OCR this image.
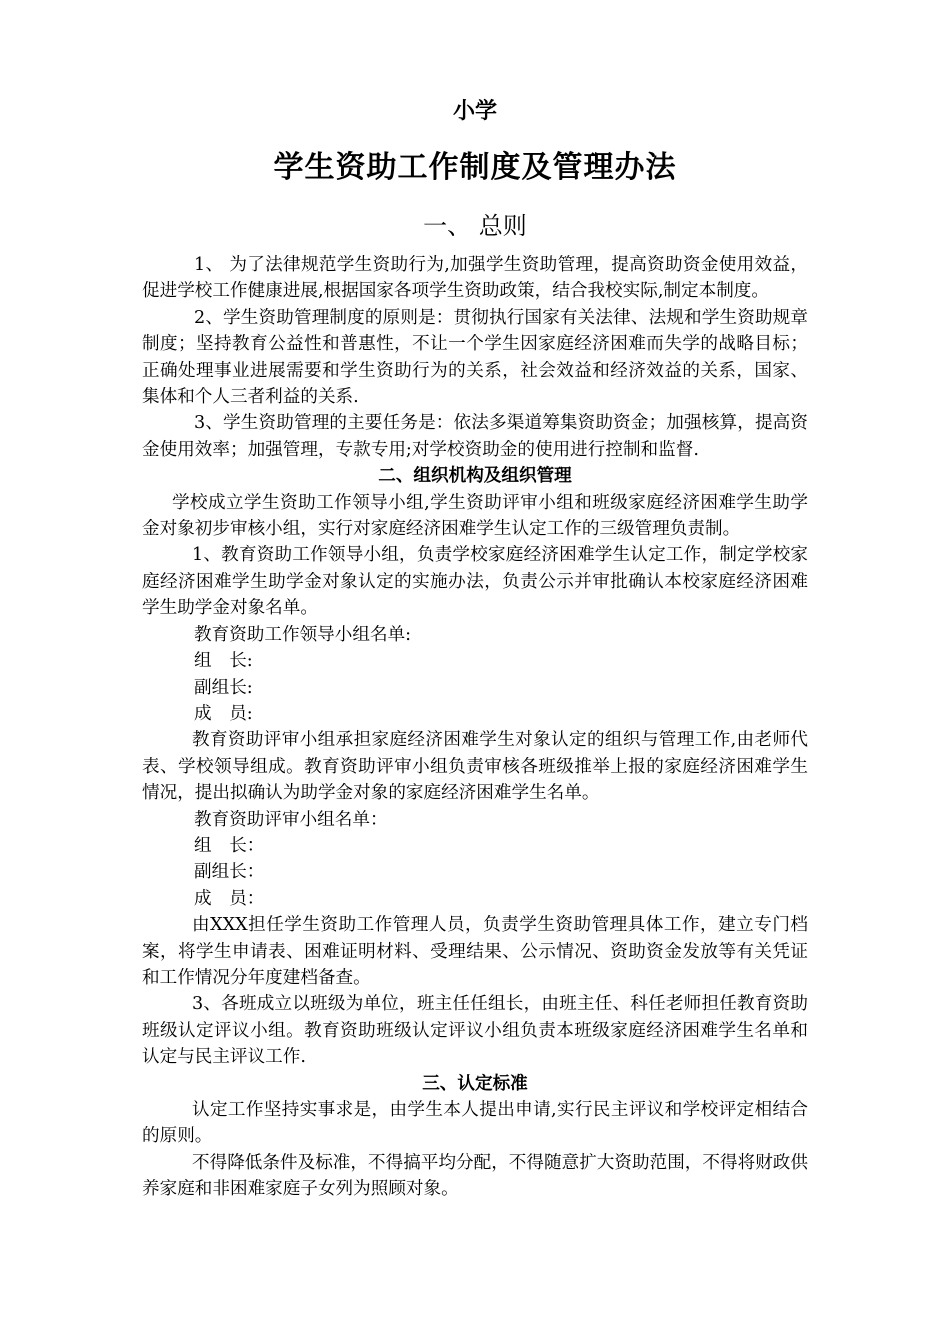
小学
学生资助工作制度及管理办法
一、 总则

1、 为了法律规范学生资助行为,加强学生资助管理，提高资助资金使用效益，促进学校工作健康进展,根据国家各项学生资助政策，结合我校实际,制定本制度。

2、学生资助管理制度的原则是：贯彻执行国家有关法律、法规和学生资助规章制度；坚持教育公益性和普惠性，不让一个学生因家庭经济困难而失学的战略目标；正确处理事业进展需要和学生资助行为的关系，社会效益和经济效益的关系，国家、集体和个人三者利益的关系.

3、学生资助管理的主要任务是：依法多渠道筹集资助资金；加强核算，提高资金使用效率；加强管理，专款专用;对学校资助金的使用进行控制和监督.

二、组织机构及组织管理

学校成立学生资助工作领导小组,学生资助评审小组和班级家庭经济困难学生助学金对象初步审核小组，实行对家庭经济困难学生认定工作的三级管理负责制。

1、教育资助工作领导小组，负责学校家庭经济困难学生认定工作，制定学校家庭经济困难学生助学金对象认定的实施办法，负责公示并审批确认本校家庭经济困难学生助学金对象名单。

教育资助工作领导小组名单:

组　长:

副组长:

成　员:

教育资助评审小组承担家庭经济困难学生对象认定的组织与管理工作,由老师代表、学校领导组成。教育资助评审小组负责审核各班级推举上报的家庭经济困难学生情况，提出拟确认为助学金对象的家庭经济困难学生名单。

教育资助评审小组名单：

组　长：

副组长：

成　员：

由XXX担任学生资助工作管理人员，负责学生资助管理具体工作，建立专门档案，将学生申请表、困难证明材料、受理结果、公示情况、资助资金发放等有关凭证和工作情况分年度建档备查。

3、各班成立以班级为单位，班主任任组长，由班主任、科任老师担任教育资助班级认定评议小组。教育资助班级认定评议小组负责本班级家庭经济困难学生名单和认定与民主评议工作.

三、认定标准

认定工作坚持实事求是，由学生本人提出申请,实行民主评议和学校评定相结合的原则。

不得降低条件及标准，不得搞平均分配，不得随意扩大资助范围，不得将财政供养家庭和非困难家庭子女列为照顾对象。
